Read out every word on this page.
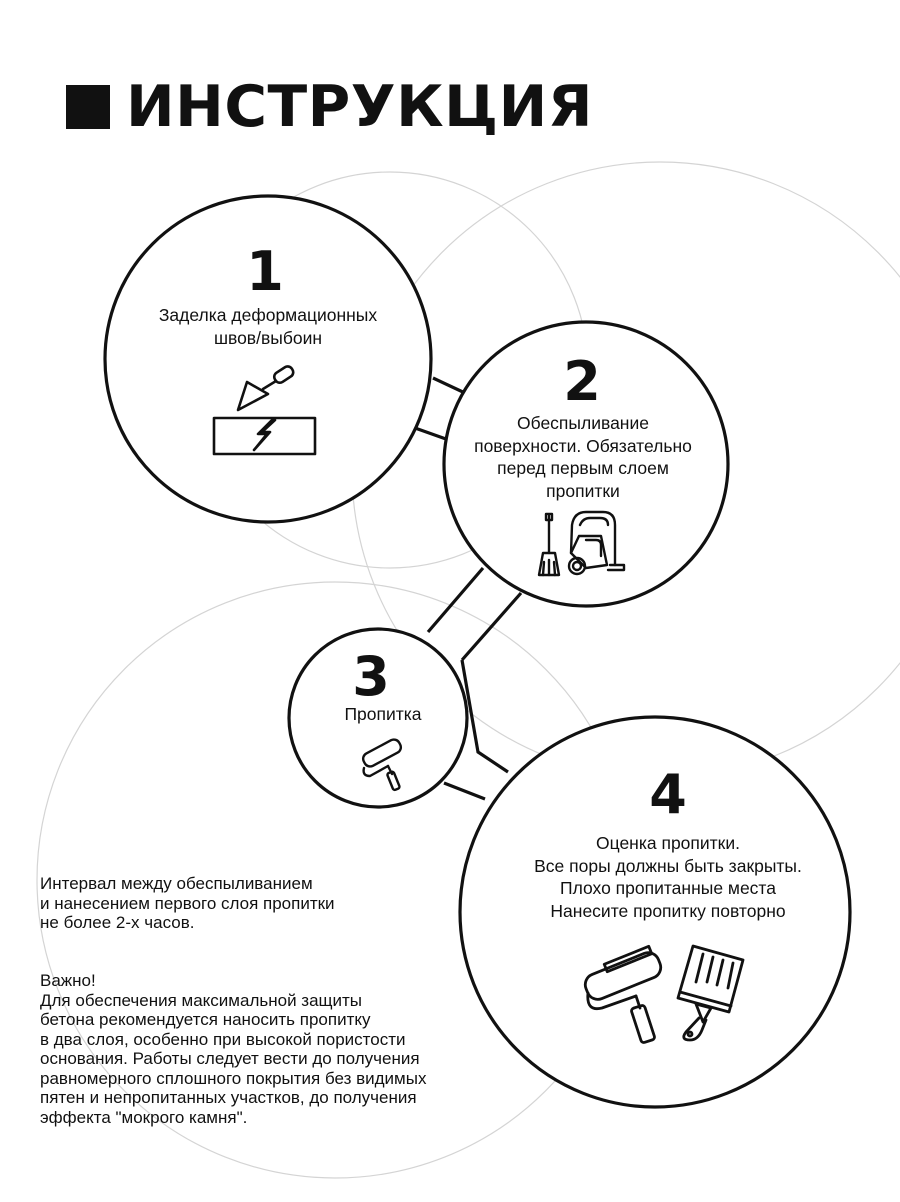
ИНСТРУКЦИЯ
1
Заделка деформационных
швов/выбоин
2
Обеспыливание
поверхности. Обязательно
перед первым слоем
пропитки
3
Пропитка
4
Оценка пропитки.
Все поры должны быть закрыты.
Плохо пропитанные места
Нанесите пропитку повторно
Интервал между обеспыливанием
и нанесением первого слоя пропитки
не более 2-х часов.
Важно!
Для обеспечения максимальной защиты
бетона рекомендуется наносить пропитку
в два слоя, особенно при высокой пористости
основания. Работы следует вести до получения
равномерного сплошного покрытия без видимых
пятен и непропитанных участков, до получения
эффекта "мокрого камня".
